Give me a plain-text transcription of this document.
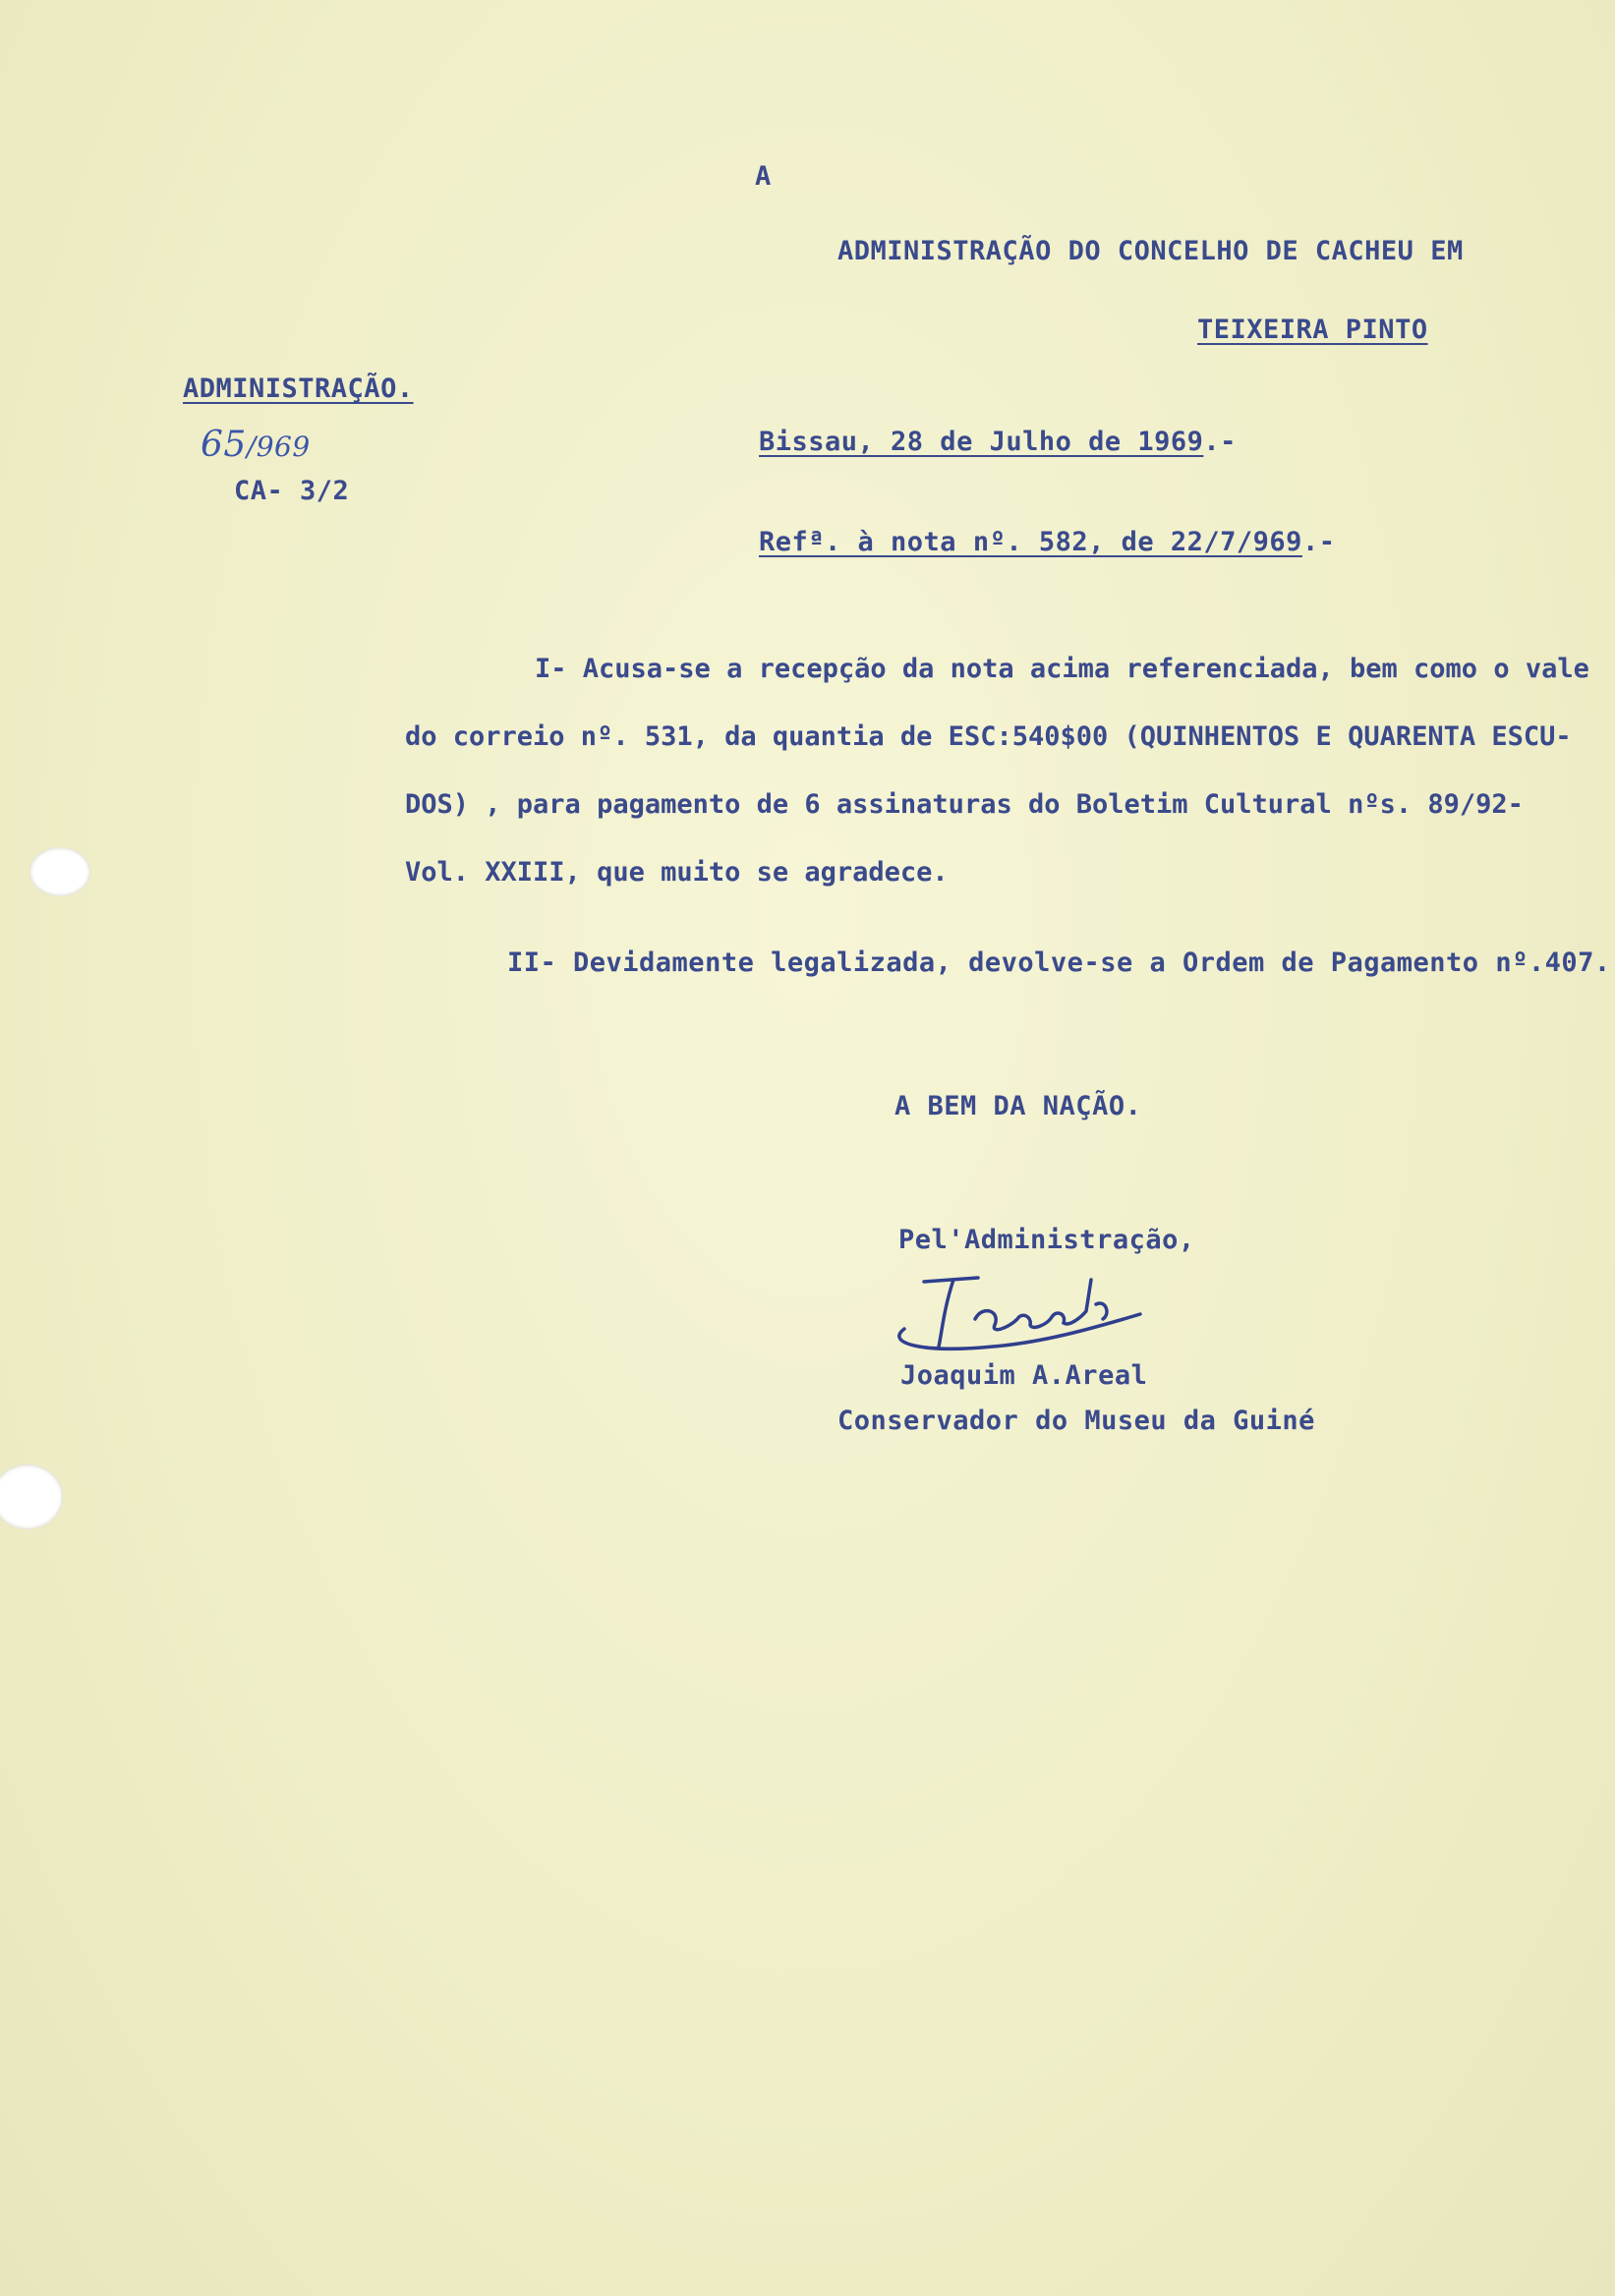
A
ADMINISTRAÇÃO DO CONCELHO DE CACHEU EM
TEIXEIRA PINTO
ADMINISTRAÇÃO.
65/969
CA- 3/2
Bissau, 28 de Julho de 1969.-
Refª. à nota nº. 582, de 22/7/969.-
I- Acusa-se a recepção da nota acima referenciada, bem como o vale
do correio nº. 531, da quantia de ESC:540$00 (QUINHENTOS E QUARENTA ESCU-
DOS) , para pagamento de 6 assinaturas do Boletim Cultural nºs. 89/92-
Vol. XXIII, que muito se agradece.
II- Devidamente legalizada, devolve-se a Ordem de Pagamento nº.407.
A BEM DA NAÇÃO.
Pel'Administração,
Joaquim A.Areal
Conservador do Museu da Guiné
